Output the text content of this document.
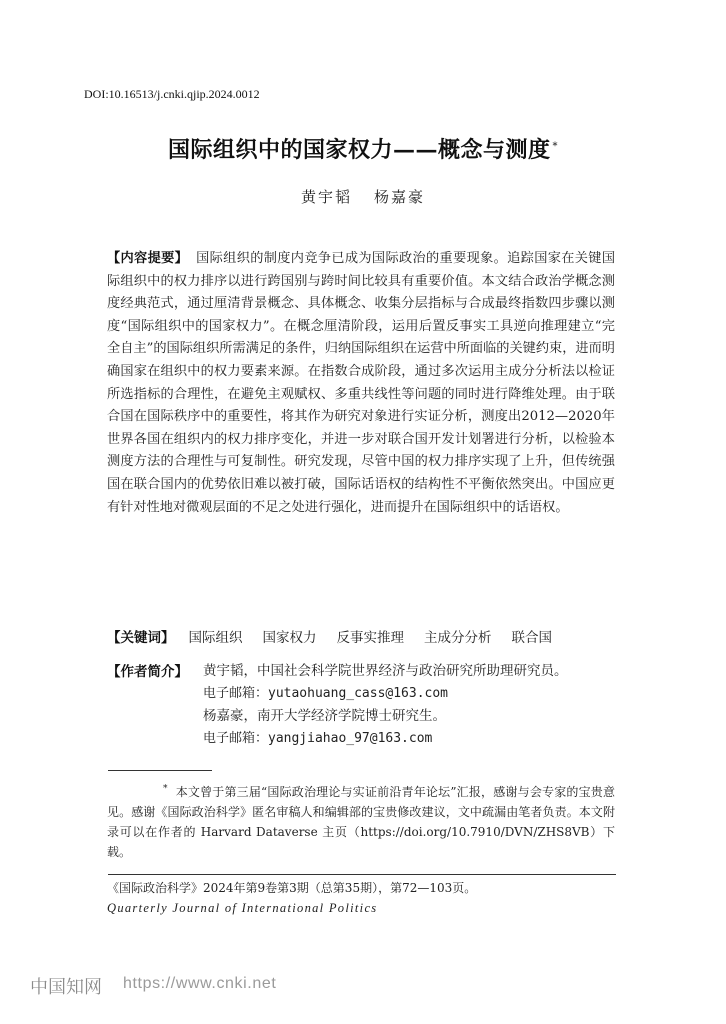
DOI:10.16513/j.cnki.qjip.2024.0012
国际组织中的国家权力——概念与测度 *
黄宇韬 杨嘉豪
【内容提要】 国际组织的制度内竞争已成为国际政治的重要现象。追踪国家在关键国际组织中的权力排序以进行跨国别与跨时间比较具有重要价值。本文结合政治学概念测度经典范式，通过厘清背景概念、具体概念、收集分层指标与合成最终指数四步骤以测度“国际组织中的国家权力”。在概念厘清阶段，运用后置反事实工具逆向推理建立“完全自主”的国际组织所需满足的条件，归纳国际组织在运营中所面临的关键约束，进而明确国家在组织中的权力要素来源。在指数合成阶段，通过多次运用主成分分析法以检证所选指标的合理性，在避免主观赋权、多重共线性等问题的同时进行降维处理。由于联合国在国际秩序中的重要性，将其作为研究对象进行实证分析，测度出2012—2020年世界各国在组织内的权力排序变化，并进一步对联合国开发计划署进行分析，以检验本测度方法的合理性与可复制性。研究发现，尽管中国的权力排序实现了上升，但传统强国在联合国内的优势依旧难以被打破，国际话语权的结构性不平衡依然突出。中国应更有针对性地对微观层面的不足之处进行强化，进而提升在国际组织中的话语权。
【关键词】 国际组织 国家权力 反事实推理 主成分分析 联合国
【作者简介】 黄宇韬，中国社会科学院世界经济与政治研究所助理研究员。
电子邮箱：yutaohuang_cass@163.com
杨嘉豪，南开大学经济学院博士研究生。
电子邮箱：yangjiahao_97@163.com
* 本文曾于第三届“国际政治理论与实证前沿青年论坛”汇报，感谢与会专家的宝贵意见。感谢《国际政治科学》匿名审稿人和编辑部的宝贵修改建议，文中疏漏由笔者负责。本文附录可以在作者的 Harvard Dataverse 主页（https://doi.org/10.7910/DVN/ZHS8VB）下载。
《国际政治科学》2024年第9卷第3期（总第35期），第72—103页。
Quarterly Journal of International Politics
中国知网 https://www.cnki.net
